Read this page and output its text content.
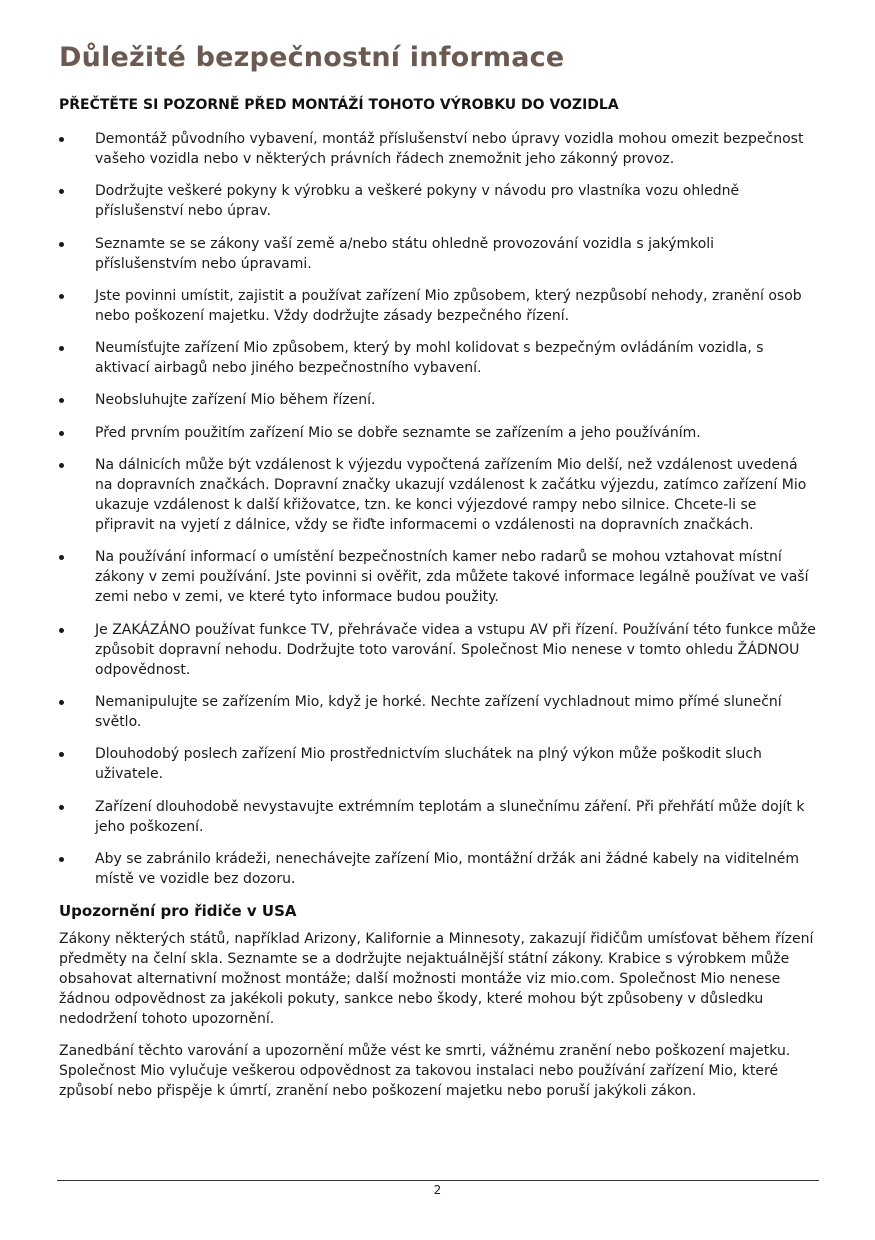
Důležité bezpečnostní informace
PŘEČTĚTE SI POZORNĚ PŘED MONTÁŽÍ TOHOTO VÝROBKU DO VOZIDLA
Demontáž původního vybavení, montáž příslušenství nebo úpravy vozidla mohou omezit bezpečnost vašeho vozidla nebo v některých právních řádech znemožnit jeho zákonný provoz.
Dodržujte veškeré pokyny k výrobku a veškeré pokyny v návodu pro vlastníka vozu ohledně příslušenství nebo úprav.
Seznamte se se zákony vaší země a/nebo státu ohledně provozování vozidla s jakýmkoli příslušenstvím nebo úpravami.
Jste povinni umístit, zajistit a používat zařízení Mio způsobem, který nezpůsobí nehody, zranění osob nebo poškození majetku. Vždy dodržujte zásady bezpečného řízení.
Neumísťujte zařízení Mio způsobem, který by mohl kolidovat s bezpečným ovládáním vozidla, s aktivací airbagů nebo jiného bezpečnostního vybavení.
Neobsluhujte zařízení Mio během řízení.
Před prvním použitím zařízení Mio se dobře seznamte se zařízením a jeho používáním.
Na dálnicích může být vzdálenost k výjezdu vypočtená zařízením Mio delší, než vzdálenost uvedená na dopravních značkách. Dopravní značky ukazují vzdálenost k začátku výjezdu, zatímco zařízení Mio ukazuje vzdálenost k další křižovatce, tzn. ke konci výjezdové rampy nebo silnice. Chcete-li se připravit na vyjetí z dálnice, vždy se řiďte informacemi o vzdálenosti na dopravních značkách.
Na používání informací o umístění bezpečnostních kamer nebo radarů se mohou vztahovat místní zákony v zemi používání. Jste povinni si ověřit, zda můžete takové informace legálně používat ve vaší zemi nebo v zemi, ve které tyto informace budou použity.
Je ZAKÁZÁNO používat funkce TV, přehrávače videa a vstupu AV při řízení. Používání této funkce může způsobit dopravní nehodu. Dodržujte toto varování. Společnost Mio nenese v tomto ohledu ŽÁDNOU odpovědnost.
Nemanipulujte se zařízením Mio, když je horké. Nechte zařízení vychladnout mimo přímé sluneční světlo.
Dlouhodobý poslech zařízení Mio prostřednictvím sluchátek na plný výkon může poškodit sluch uživatele.
Zařízení dlouhodobě nevystavujte extrémním teplotám a slunečnímu záření. Při přehřátí může dojít k jeho poškození.
Aby se zabránilo krádeži, nenechávejte zařízení Mio, montážní držák ani žádné kabely na viditelném místě ve vozidle bez dozoru.
Upozornění pro řidiče v USA

Zákony některých států, například Arizony, Kalifornie a Minnesoty, zakazují řidičům umísťovat během řízení předměty na čelní skla. Seznamte se a dodržujte nejaktuálnější státní zákony. Krabice s výrobkem může obsahovat alternativní možnost montáže; další možnosti montáže viz mio.com. Společnost Mio nenese žádnou odpovědnost za jakékoli pokuty, sankce nebo škody, které mohou být způsobeny v důsledku nedodržení tohoto upozornění.

Zanedbání těchto varování a upozornění může vést ke smrti, vážnému zranění nebo poškození majetku. Společnost Mio vylučuje veškerou odpovědnost za takovou instalaci nebo používání zařízení Mio, které způsobí nebo přispěje k úmrtí, zranění nebo poškození majetku nebo poruší jakýkoli zákon.

2
